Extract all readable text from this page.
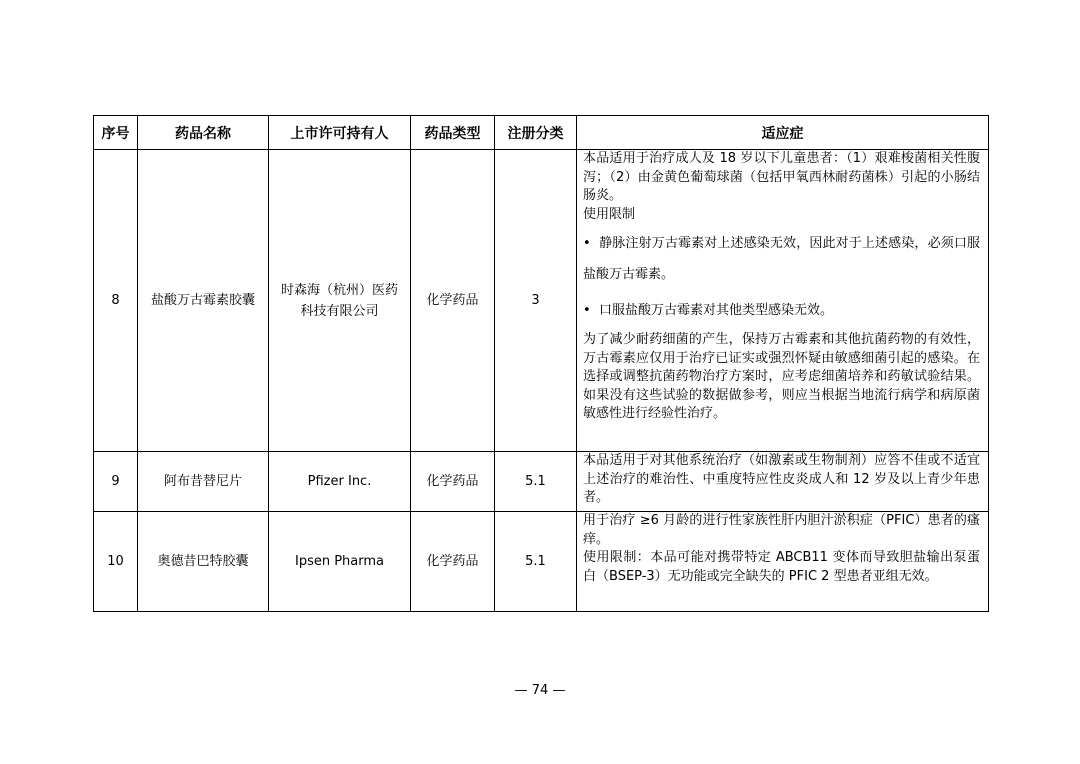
序号	药品名称	上市许可持有人	药品类型	注册分类	适应症
8	盐酸万古霉素胶囊	时森海（杭州）医药科技有限公司	化学药品	3	本品适用于治疗成人及 18 岁以下儿童患者：（1）艰难梭菌相关性腹泻；（2）由金黄色葡萄球菌（包括甲氧西林耐药菌株）引起的小肠结肠炎。

使用限制

• 静脉注射万古霉素对上述感染无效，因此对于上述感染，必须口服盐酸万古霉素。

• 口服盐酸万古霉素对其他类型感染无效。

为了减少耐药细菌的产生，保持万古霉素和其他抗菌药物的有效性，万古霉素应仅用于治疗已证实或强烈怀疑由敏感细菌引起的感染。在选择或调整抗菌药物治疗方案时，应考虑细菌培养和药敏试验结果。如果没有这些试验的数据做参考，则应当根据当地流行病学和病原菌敏感性进行经验性治疗。

9	阿布昔替尼片	Pfizer Inc.	化学药品	5.1	本品适用于对其他系统治疗（如激素或生物制剂）应答不佳或不适宜上述治疗的难治性、中重度特应性皮炎成人和 12 岁及以上青少年患者。

10	奥德昔巴特胶囊	Ipsen Pharma	化学药品	5.1	用于治疗 ≥6 月龄的进行性家族性肝内胆汁淤积症（PFIC）患者的瘙痒。

使用限制：本品可能对携带特定 ABCB11 变体而导致胆盐输出泵蛋白（BSEP-3）无功能或完全缺失的 PFIC 2 型患者亚组无效。

— 74 —
